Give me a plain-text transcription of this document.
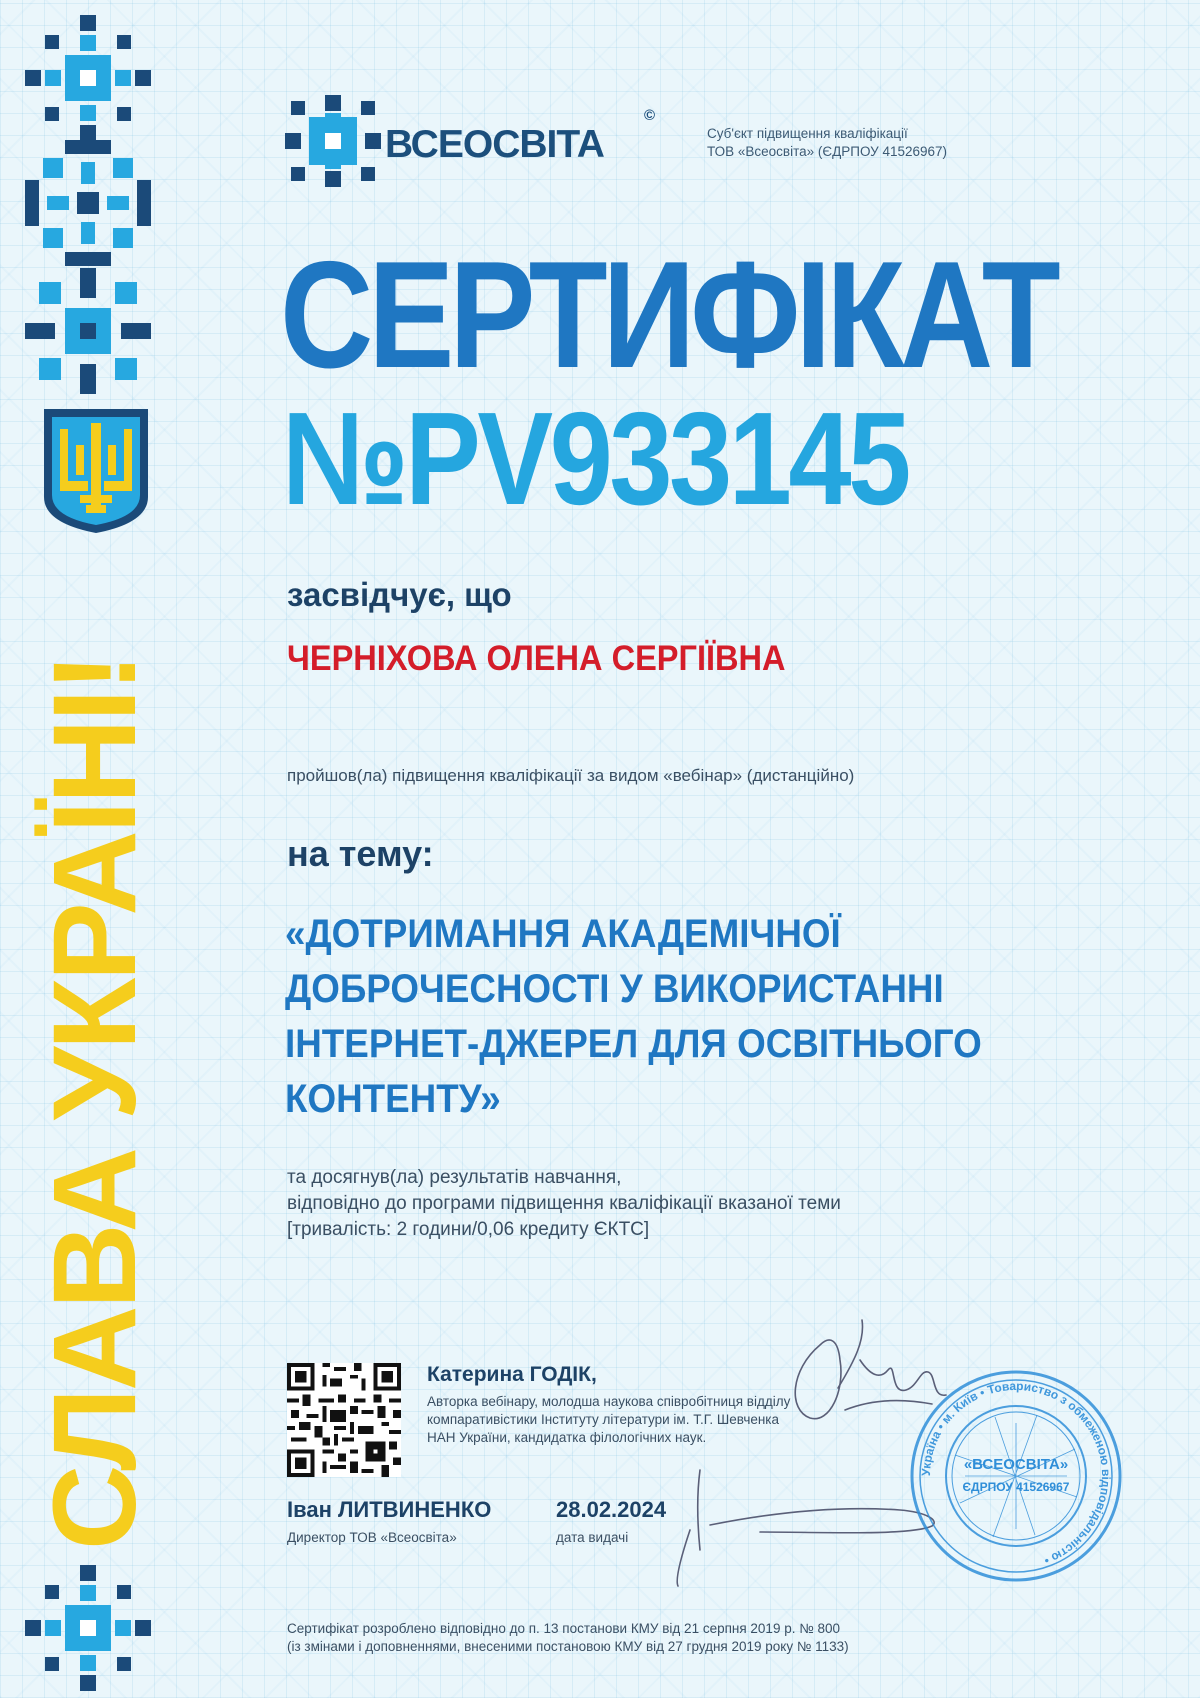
СЛАВА УКРАЇНІ!
ВСЕОСВІТА
©
Суб'єкт підвищення кваліфікації
ТОВ «Всеосвіта» (ЄДРПОУ 41526967)
СЕРТИФІКАТ
№PV933145
засвідчує, що
ЧЕРНІХОВА ОЛЕНА СЕРГІЇВНА
пройшов(ла) підвищення кваліфікації за видом «вебінар» (дистанційно)
на тему:
«ДОТРИМАННЯ АКАДЕМІЧНОЇ
ДОБРОЧЕСНОСТІ У ВИКОРИСТАННІ
ІНТЕРНЕТ-ДЖЕРЕЛ ДЛЯ ОСВІТНЬОГО
КОНТЕНТУ»
та досягнув(ла) результатів навчання,
відповідно до програми підвищення кваліфікації вказаної теми
[тривалість: 2 години/0,06 кредиту ЄКТС]
Катерина ГОДІК,
Авторка вебінару, молодша наукова співробітниця відділу
компаративістики Інституту літератури ім. Т.Г. Шевченка
НАН України, кандидатка філологічних наук.
Іван ЛИТВИНЕНКО
Директор ТОВ «Всеосвіта»
28.02.2024
дата видачі
Україна • м. Київ • Товариство з обмеженою відповідальністю •
«ВСЕОСВІТА»
ЄДРПОУ 41526967
Сертифікат розроблено відповідно до п. 13 постанови КМУ від 21 серпня 2019 р. № 800
(із змінами і доповненнями, внесеними постановою КМУ від 27 грудня 2019 року № 1133)
